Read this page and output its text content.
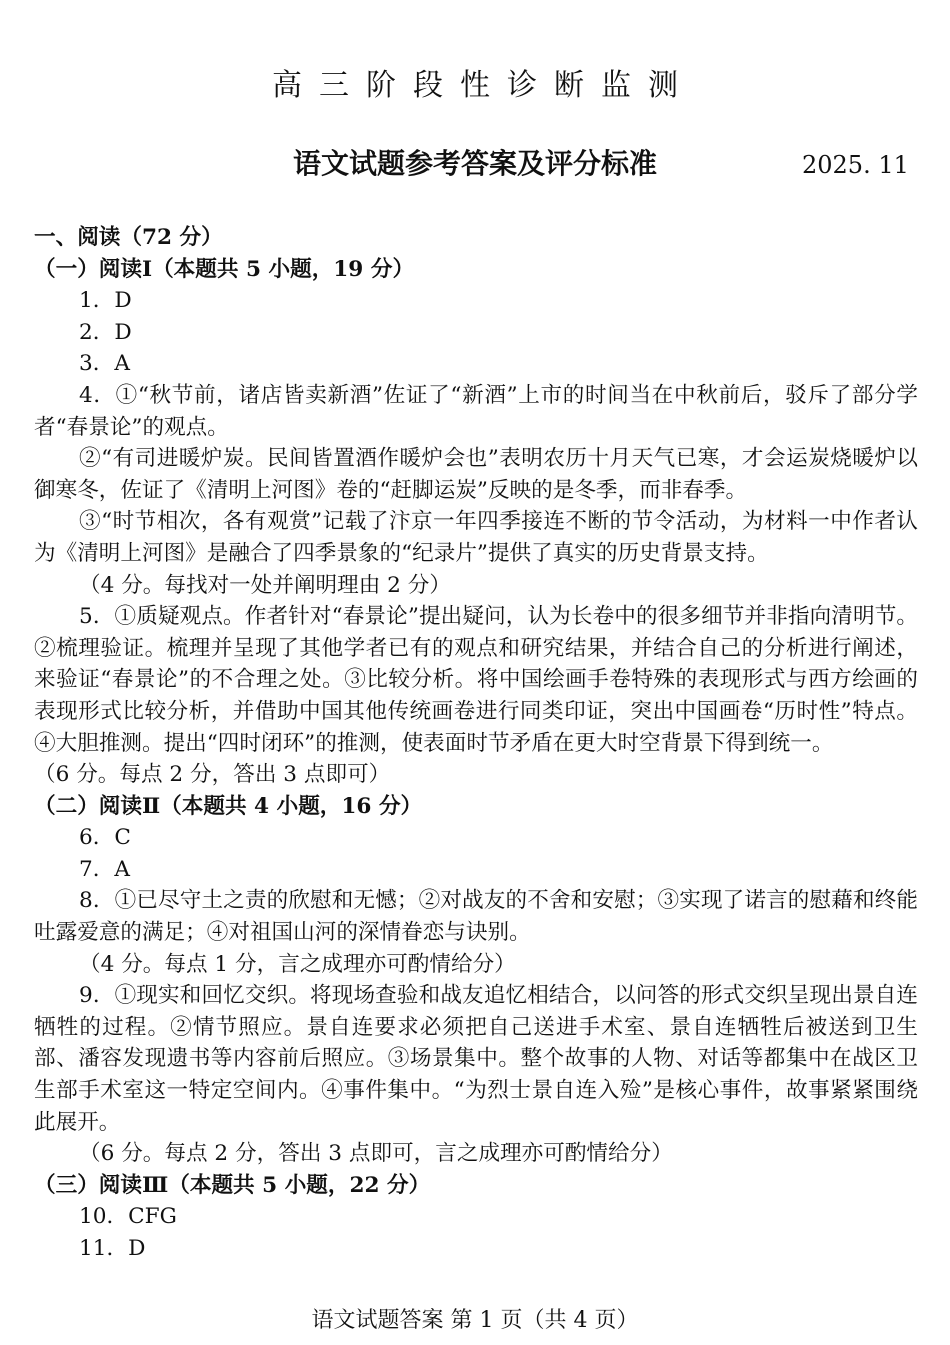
高三阶段性诊断监测
语文试题参考答案及评分标准	2025. 11
一、阅读（72 分）
（一）阅读Ⅰ（本题共 5 小题，19 分）
1．D
2．D
3．A
4．①“秋节前，诸店皆卖新酒”佐证了“新酒”上市的时间当在中秋前后，驳斥了部分学者“春景论”的观点。
②“有司进暖炉炭。民间皆置酒作暖炉会也”表明农历十月天气已寒，才会运炭烧暖炉以御寒冬，佐证了《清明上河图》卷的“赶脚运炭”反映的是冬季，而非春季。
③“时节相次，各有观赏”记载了汴京一年四季接连不断的节令活动，为材料一中作者认为《清明上河图》是融合了四季景象的“纪录片”提供了真实的历史背景支持。
（4 分。每找对一处并阐明理由 2 分）
5．①质疑观点。作者针对“春景论”提出疑问，认为长卷中的很多细节并非指向清明节。②梳理验证。梳理并呈现了其他学者已有的观点和研究结果，并结合自己的分析进行阐述，来验证“春景论”的不合理之处。③比较分析。将中国绘画手卷特殊的表现形式与西方绘画的表现形式比较分析，并借助中国其他传统画卷进行同类印证，突出中国画卷“历时性”特点。④大胆推测。提出“四时闭环”的推测，使表面时节矛盾在更大时空背景下得到统一。
（6 分。每点 2 分，答出 3 点即可）
（二）阅读Ⅱ（本题共 4 小题，16 分）
6．C
7．A
8．①已尽守土之责的欣慰和无憾；②对战友的不舍和安慰；③实现了诺言的慰藉和终能吐露爱意的满足；④对祖国山河的深情眷恋与诀别。
（4 分。每点 1 分，言之成理亦可酌情给分）
9．①现实和回忆交织。将现场查验和战友追忆相结合，以问答的形式交织呈现出景自连牺牲的过程。②情节照应。景自连要求必须把自己送进手术室、景自连牺牲后被送到卫生部、潘容发现遗书等内容前后照应。③场景集中。整个故事的人物、对话等都集中在战区卫生部手术室这一特定空间内。④事件集中。“为烈士景自连入殓”是核心事件，故事紧紧围绕此展开。
（6 分。每点 2 分，答出 3 点即可，言之成理亦可酌情给分）
（三）阅读Ⅲ（本题共 5 小题，22 分）
10．CFG
11．D
语文试题答案 第 1 页（共 4 页）
